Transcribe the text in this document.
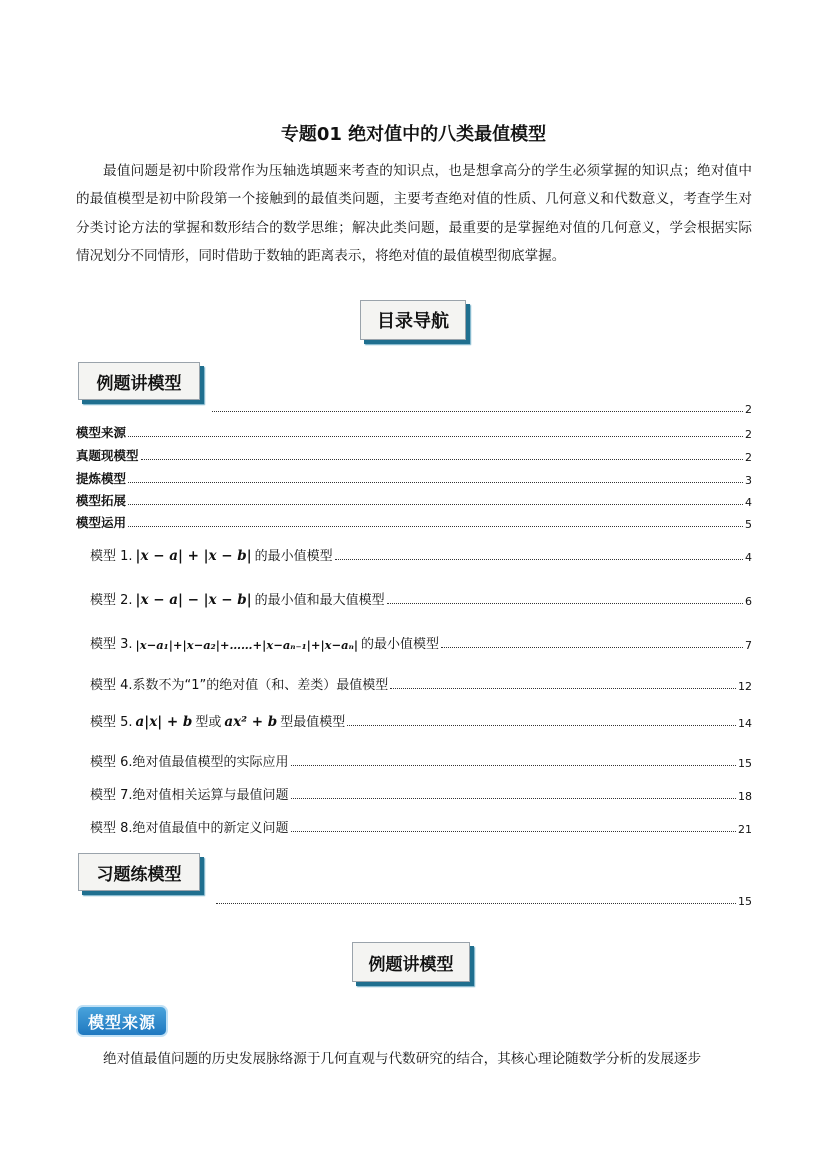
专题01 绝对值中的八类最值模型

最值问题是初中阶段常作为压轴选填题来考查的知识点，也是想拿高分的学生必须掌握的知识点；绝对值中的最值模型是初中阶段第一个接触到的最值类问题，主要考查绝对值的性质、几何意义和代数意义，考查学生对分类讨论方法的掌握和数形结合的数学思维；解决此类问题，最重要的是掌握绝对值的几何意义，学会根据实际情况划分不同情形，同时借助于数轴的距离表示，将绝对值的最值模型彻底掌握。

目录导航
例题讲模型
2
模型来源	2
真题现模型	2
提炼模型	3
模型拓展	4
模型运用	5
模型 1. |x − a| + |x − b| 的最小值模型	4
模型 2. |x − a| − |x − b| 的最小值和最大值模型	6
模型 3. |x−a₁|+|x−a₂|+……+|x−aₙ₋₁|+|x−aₙ| 的最小值模型	7
模型 4. 系数不为“1”的绝对值（和、差类）最值模型	12
模型 5. a|x| + b 型或 ax² + b 型最值模型	14
模型 6. 绝对值最值模型的实际应用	15
模型 7. 绝对值相关运算与最值问题	18
模型 8. 绝对值最值中的新定义问题	21
习题练模型
15
例题讲模型
模型来源

绝对值最值问题的历史发展脉络源于几何直观与代数研究的结合，其核心理论随数学分析的发展逐步
